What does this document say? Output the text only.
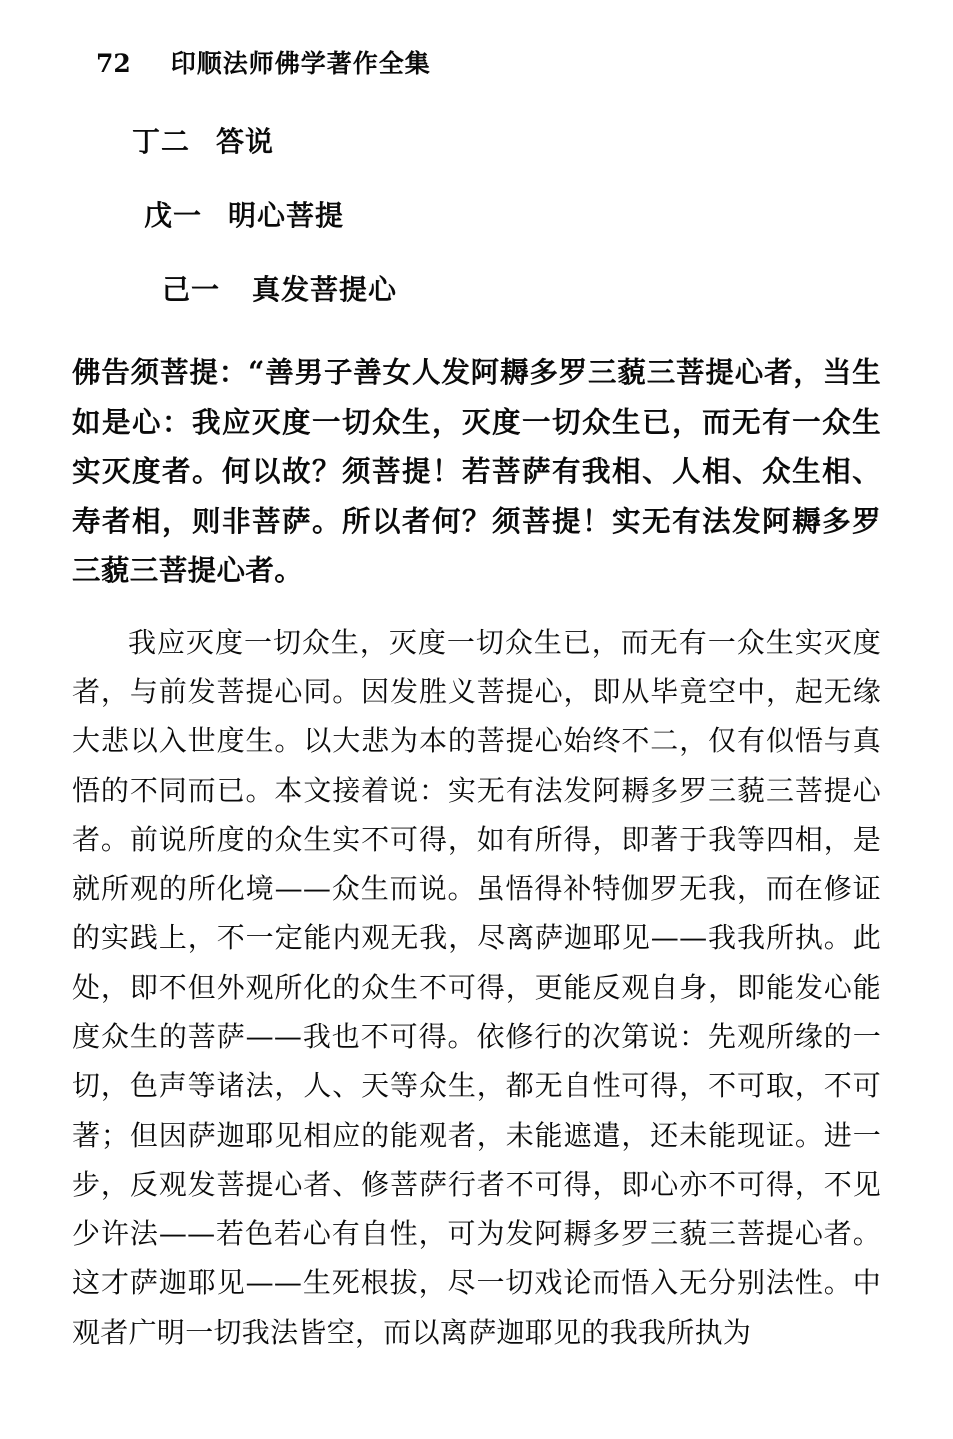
72 印顺法师佛学著作全集
丁二 答说
戊一 明心菩提
己一 真发菩提心

佛告须菩提：“善男子善女人发阿耨多罗三藐三菩提心者，当生如是心：我应灭度一切众生，灭度一切众生已，而无有一众生实灭度者。何以故？须菩提！若菩萨有我相、人相、众生相、寿者相，则非菩萨。所以者何？须菩提！实无有法发阿耨多罗三藐三菩提心者。

我应灭度一切众生，灭度一切众生已，而无有一众生实灭度者，与前发菩提心同。因发胜义菩提心，即从毕竟空中，起无缘大悲以入世度生。以大悲为本的菩提心始终不二，仅有似悟与真悟的不同而已。本文接着说：实无有法发阿耨多罗三藐三菩提心者。前说所度的众生实不可得，如有所得，即著于我等四相，是就所观的所化境——众生而说。虽悟得补特伽罗无我，而在修证的实践上，不一定能内观无我，尽离萨迦耶见——我我所执。此处，即不但外观所化的众生不可得，更能反观自身，即能发心能度众生的菩萨——我也不可得。依修行的次第说：先观所缘的一切，色声等诸法，人、天等众生，都无自性可得，不可取，不可著；但因萨迦耶见相应的能观者，未能遮遣，还未能现证。进一步，反观发菩提心者、修菩萨行者不可得，即心亦不可得，不见少许法——若色若心有自性，可为发阿耨多罗三藐三菩提心者。这才萨迦耶见——生死根拔，尽一切戏论而悟入无分别法性。中观者广明一切我法皆空，而以离萨迦耶见的我我所执为
